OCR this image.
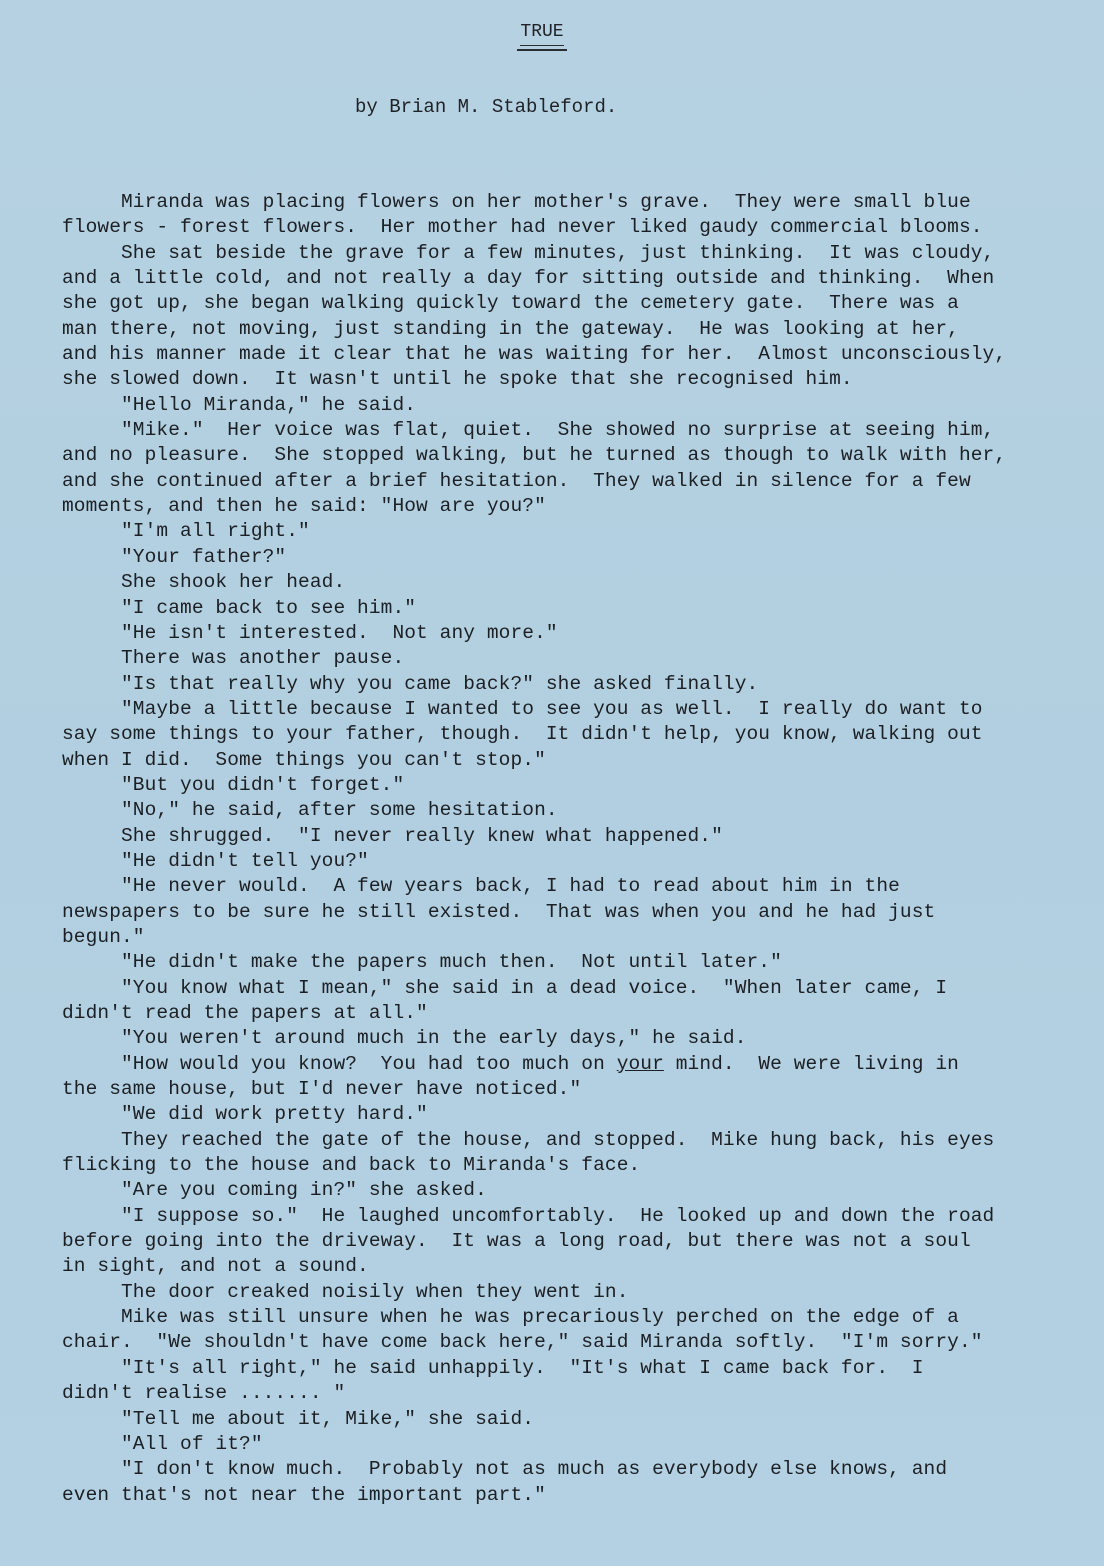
TRUE
by Brian M. Stableford.
Miranda was placing flowers on her mother's grave.  They were small blue
flowers - forest flowers.  Her mother had never liked gaudy commercial blooms.
She sat beside the grave for a few minutes, just thinking.  It was cloudy,
and a little cold, and not really a day for sitting outside and thinking.  When
she got up, she began walking quickly toward the cemetery gate.  There was a
man there, not moving, just standing in the gateway.  He was looking at her,
and his manner made it clear that he was waiting for her.  Almost unconsciously,
she slowed down.  It wasn't until he spoke that she recognised him.
"Hello Miranda," he said.
"Mike."  Her voice was flat, quiet.  She showed no surprise at seeing him,
and no pleasure.  She stopped walking, but he turned as though to walk with her,
and she continued after a brief hesitation.  They walked in silence for a few
moments, and then he said: "How are you?"
"I'm all right."
"Your father?"
She shook her head.
"I came back to see him."
"He isn't interested.  Not any more."
There was another pause.
"Is that really why you came back?" she asked finally.
"Maybe a little because I wanted to see you as well.  I really do want to
say some things to your father, though.  It didn't help, you know, walking out
when I did.  Some things you can't stop."
"But you didn't forget."
"No," he said, after some hesitation.
She shrugged.  "I never really knew what happened."
"He didn't tell you?"
"He never would.  A few years back, I had to read about him in the
newspapers to be sure he still existed.  That was when you and he had just
begun."
"He didn't make the papers much then.  Not until later."
"You know what I mean," she said in a dead voice.  "When later came, I
didn't read the papers at all."
"You weren't around much in the early days," he said.
"How would you know?  You had too much on your mind.  We were living in
the same house, but I'd never have noticed."
"We did work pretty hard."
They reached the gate of the house, and stopped.  Mike hung back, his eyes
flicking to the house and back to Miranda's face.
"Are you coming in?" she asked.
"I suppose so."  He laughed uncomfortably.  He looked up and down the road
before going into the driveway.  It was a long road, but there was not a soul
in sight, and not a sound.
The door creaked noisily when they went in.
Mike was still unsure when he was precariously perched on the edge of a
chair.  "We shouldn't have come back here," said Miranda softly.  "I'm sorry."
"It's all right," he said unhappily.  "It's what I came back for.  I
didn't realise ....... "
"Tell me about it, Mike," she said.
"All of it?"
"I don't know much.  Probably not as much as everybody else knows, and
even that's not near the important part."
